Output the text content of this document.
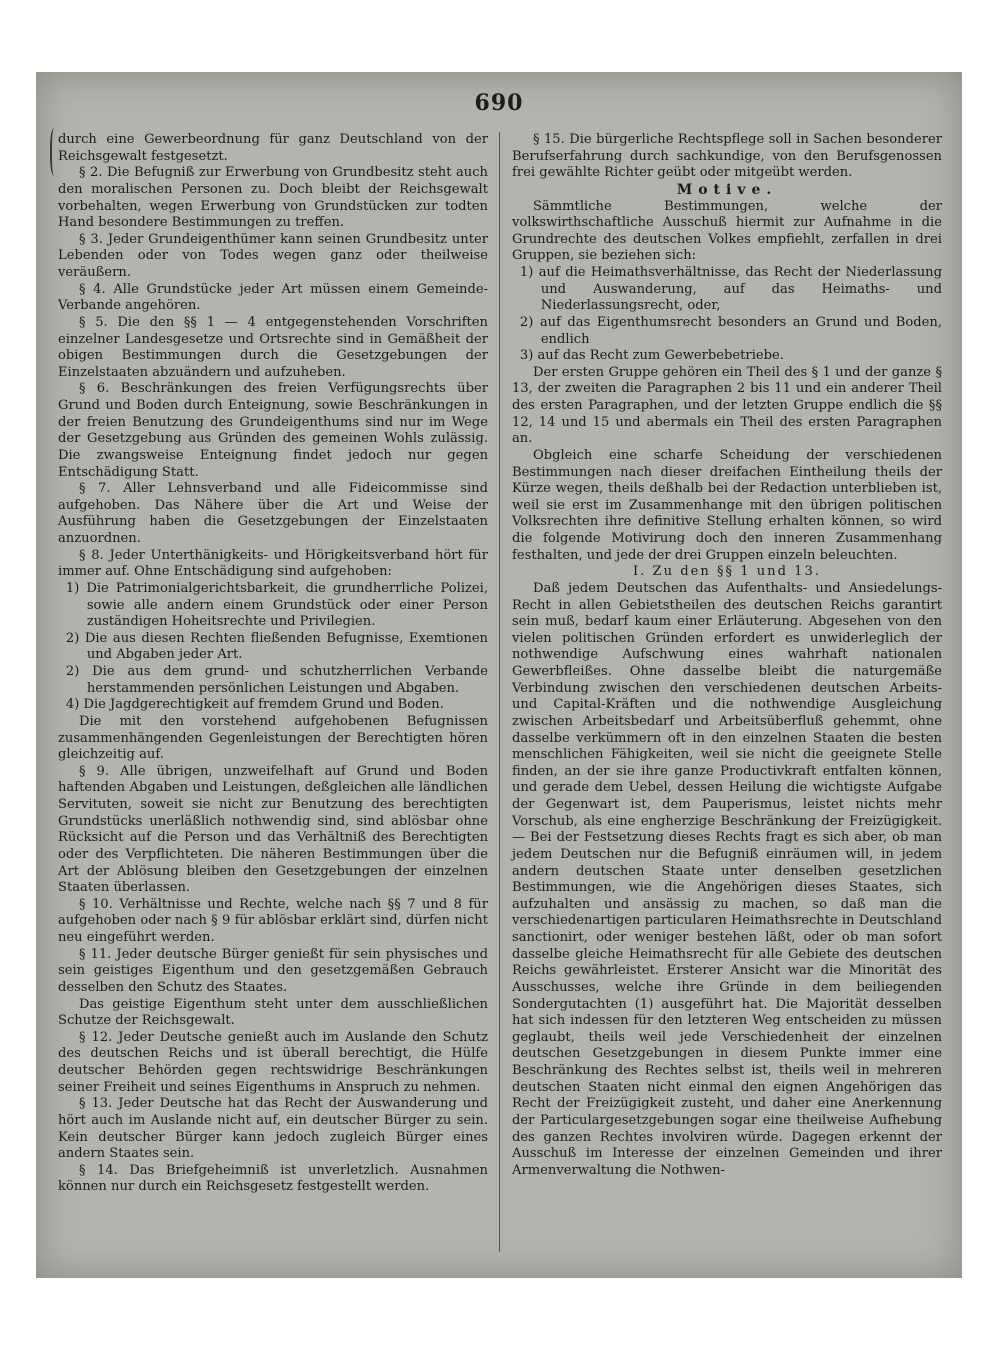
690

durch eine Gewerbeordnung für ganz Deutschland von der Reichsgewalt festgesetzt.

§ 2. Die Befugniß zur Erwerbung von Grundbesitz steht auch den moralischen Personen zu. Doch bleibt der Reichsgewalt vorbehalten, wegen Erwerbung von Grundstücken zur todten Hand besondere Bestimmungen zu treffen.

§ 3. Jeder Grundeigenthümer kann seinen Grundbesitz unter Lebenden oder von Todes wegen ganz oder theilweise veräußern.

§ 4. Alle Grundstücke jeder Art müssen einem Gemeinde-Verbande angehören.

§ 5. Die den §§ 1 — 4 entgegenstehenden Vorschriften einzelner Landesgesetze und Ortsrechte sind in Gemäßheit der obigen Bestimmungen durch die Gesetzgebungen der Einzelstaaten abzuändern und aufzuheben.

§ 6. Beschränkungen des freien Verfügungsrechts über Grund und Boden durch Enteignung, sowie Beschränkungen in der freien Benutzung des Grundeigenthums sind nur im Wege der Gesetzgebung aus Gründen des gemeinen Wohls zulässig. Die zwangsweise Enteignung findet jedoch nur gegen Entschädigung Statt.

§ 7. Aller Lehnsverband und alle Fideicommisse sind aufgehoben. Das Nähere über die Art und Weise der Ausführung haben die Gesetzgebungen der Einzelstaaten anzuordnen.

§ 8. Jeder Unterthänigkeits- und Hörigkeitsverband hört für immer auf. Ohne Entschädigung sind aufgehoben:

1) Die Patrimonialgerichtsbarkeit, die grundherrliche Polizei, sowie alle andern einem Grundstück oder einer Person zuständigen Hoheitsrechte und Privilegien.

2) Die aus diesen Rechten fließenden Befugnisse, Exemtionen und Abgaben jeder Art.

2) Die aus dem grund- und schutzherrlichen Verbande herstammenden persönlichen Leistungen und Abgaben.

4) Die Jagdgerechtigkeit auf fremdem Grund und Boden.

Die mit den vorstehend aufgehobenen Befugnissen zusammenhängenden Gegenleistungen der Berechtigten hören gleichzeitig auf.

§ 9. Alle übrigen, unzweifelhaft auf Grund und Boden haftenden Abgaben und Leistungen, deßgleichen alle ländlichen Servituten, soweit sie nicht zur Benutzung des berechtigten Grundstücks unerläßlich nothwendig sind, sind ablösbar ohne Rücksicht auf die Person und das Verhältniß des Berechtigten oder des Verpflichteten. Die näheren Bestimmungen über die Art der Ablösung bleiben den Gesetzgebungen der einzelnen Staaten überlassen.

§ 10. Verhältnisse und Rechte, welche nach §§ 7 und 8 für aufgehoben oder nach § 9 für ablösbar erklärt sind, dürfen nicht neu eingeführt werden.

§ 11. Jeder deutsche Bürger genießt für sein physisches und sein geistiges Eigenthum und den gesetzgemäßen Gebrauch desselben den Schutz des Staates.

Das geistige Eigenthum steht unter dem ausschließlichen Schutze der Reichsgewalt.

§ 12. Jeder Deutsche genießt auch im Auslande den Schutz des deutschen Reichs und ist überall berechtigt, die Hülfe deutscher Behörden gegen rechtswidrige Beschränkungen seiner Freiheit und seines Eigenthums in Anspruch zu nehmen.

§ 13. Jeder Deutsche hat das Recht der Auswanderung und hört auch im Auslande nicht auf, ein deutscher Bürger zu sein. Kein deutscher Bürger kann jedoch zugleich Bürger eines andern Staates sein.

§ 14. Das Briefgeheimniß ist unverletzlich. Ausnahmen können nur durch ein Reichsgesetz festgestellt werden.

§ 15. Die bürgerliche Rechtspflege soll in Sachen besonderer Berufserfahrung durch sachkundige, von den Berufsgenossen frei gewählte Richter geübt oder mitgeübt werden.

Motive.

Sämmtliche Bestimmungen, welche der volkswirthschaftliche Ausschuß hiermit zur Aufnahme in die Grundrechte des deutschen Volkes empfiehlt, zerfallen in drei Gruppen, sie beziehen sich:

1) auf die Heimathsverhältnisse, das Recht der Niederlassung und Auswanderung, auf das Heimaths- und Niederlassungsrecht, oder,

2) auf das Eigenthumsrecht besonders an Grund und Boden, endlich

3) auf das Recht zum Gewerbebetriebe.

Der ersten Gruppe gehören ein Theil des § 1 und der ganze § 13, der zweiten die Paragraphen 2 bis 11 und ein anderer Theil des ersten Paragraphen, und der letzten Gruppe endlich die §§ 12, 14 und 15 und abermals ein Theil des ersten Paragraphen an.

Obgleich eine scharfe Scheidung der verschiedenen Bestimmungen nach dieser dreifachen Eintheilung theils der Kürze wegen, theils deßhalb bei der Redaction unterblieben ist, weil sie erst im Zusammenhange mit den übrigen politischen Volksrechten ihre definitive Stellung erhalten können, so wird die folgende Motivirung doch den inneren Zusammenhang festhalten, und jede der drei Gruppen einzeln beleuchten.

I. Zu den §§ 1 und 13.

Daß jedem Deutschen das Aufenthalts- und Ansiedelungs-Recht in allen Gebietstheilen des deutschen Reichs garantirt sein muß, bedarf kaum einer Erläuterung. Abgesehen von den vielen politischen Gründen erfordert es unwiderleglich der nothwendige Aufschwung eines wahrhaft nationalen Gewerbfleißes. Ohne dasselbe bleibt die naturgemäße Verbindung zwischen den verschiedenen deutschen Arbeits- und Capital-Kräften und die nothwendige Ausgleichung zwischen Arbeitsbedarf und Arbeitsüberfluß gehemmt, ohne dasselbe verkümmern oft in den einzelnen Staaten die besten menschlichen Fähigkeiten, weil sie nicht die geeignete Stelle finden, an der sie ihre ganze Productivkraft entfalten können, und gerade dem Uebel, dessen Heilung die wichtigste Aufgabe der Gegenwart ist, dem Pauperismus, leistet nichts mehr Vorschub, als eine engherzige Beschränkung der Freizügigkeit. — Bei der Festsetzung dieses Rechts fragt es sich aber, ob man jedem Deutschen nur die Befugniß einräumen will, in jedem andern deutschen Staate unter denselben gesetzlichen Bestimmungen, wie die Angehörigen dieses Staates, sich aufzuhalten und ansässig zu machen, so daß man die verschiedenartigen particularen Heimathsrechte in Deutschland sanctionirt, oder weniger bestehen läßt, oder ob man sofort dasselbe gleiche Heimathsrecht für alle Gebiete des deutschen Reichs gewährleistet. Ersterer Ansicht war die Minorität des Ausschusses, welche ihre Gründe in dem beiliegenden Sondergutachten (1) ausgeführt hat. Die Majorität desselben hat sich indessen für den letzteren Weg entscheiden zu müssen geglaubt, theils weil jede Verschiedenheit der einzelnen deutschen Gesetzgebungen in diesem Punkte immer eine Beschränkung des Rechtes selbst ist, theils weil in mehreren deutschen Staaten nicht einmal den eignen Angehörigen das Recht der Freizügigkeit zusteht, und daher eine Anerkennung der Particulargesetzgebungen sogar eine theilweise Aufhebung des ganzen Rechtes involviren würde. Dagegen erkennt der Ausschuß im Interesse der einzelnen Gemeinden und ihrer Armenverwaltung die Nothwen-
